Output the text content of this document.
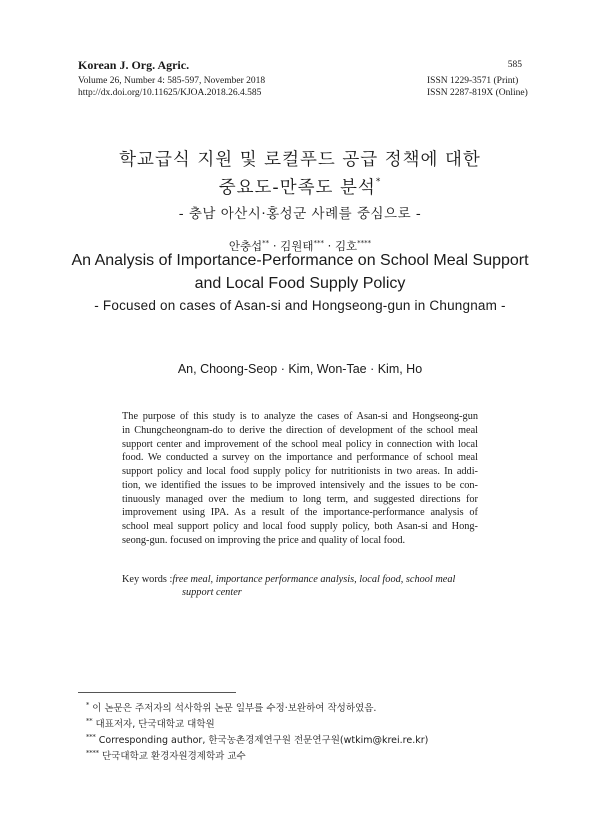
Korean J. Org. Agric.
Volume 26, Number 4: 585-597, November 2018
http://dx.doi.org/10.11625/KJOA.2018.26.4.585
585
ISSN 1229-3571 (Print)
ISSN 2287-819X (Online)
학교급식 지원 및 로컬푸드 공급 정책에 대한
중요도-만족도 분석*
- 충남 아산시·홍성군 사례를 중심으로 -
안충섭** · 김원태*** · 김호****
An Analysis of Importance-Performance on School Meal Support
and Local Food Supply Policy
- Focused on cases of Asan-si and Hongseong-gun in Chungnam -
An, Choong-Seop · Kim, Won-Tae · Kim, Ho
The purpose of this study is to analyze the cases of Asan-si and Hongseong-gun
in Chungcheongnam-do to derive the direction of development of the school meal
support center and improvement of the school meal policy in connection with local
food. We conducted a survey on the importance and performance of school meal
support policy and local food supply policy for nutritionists in two areas. In addi-
tion, we identified the issues to be improved intensively and the issues to be con-
tinuously managed over the medium to long term, and suggested directions for
improvement using IPA. As a result of the importance-performance analysis of
school meal support policy and local food supply policy, both Asan-si and Hong-
seong-gun. focused on improving the price and quality of local food.
Key words :free meal, importance performance analysis, local food, school meal
support center
* 이 논문은 주저자의 석사학위 논문 일부를 수정·보완하여 작성하였음.
** 대표저자, 단국대학교 대학원
*** Corresponding author, 한국농촌경제연구원 전문연구원(wtkim@krei.re.kr)
**** 단국대학교 환경자원경제학과 교수
